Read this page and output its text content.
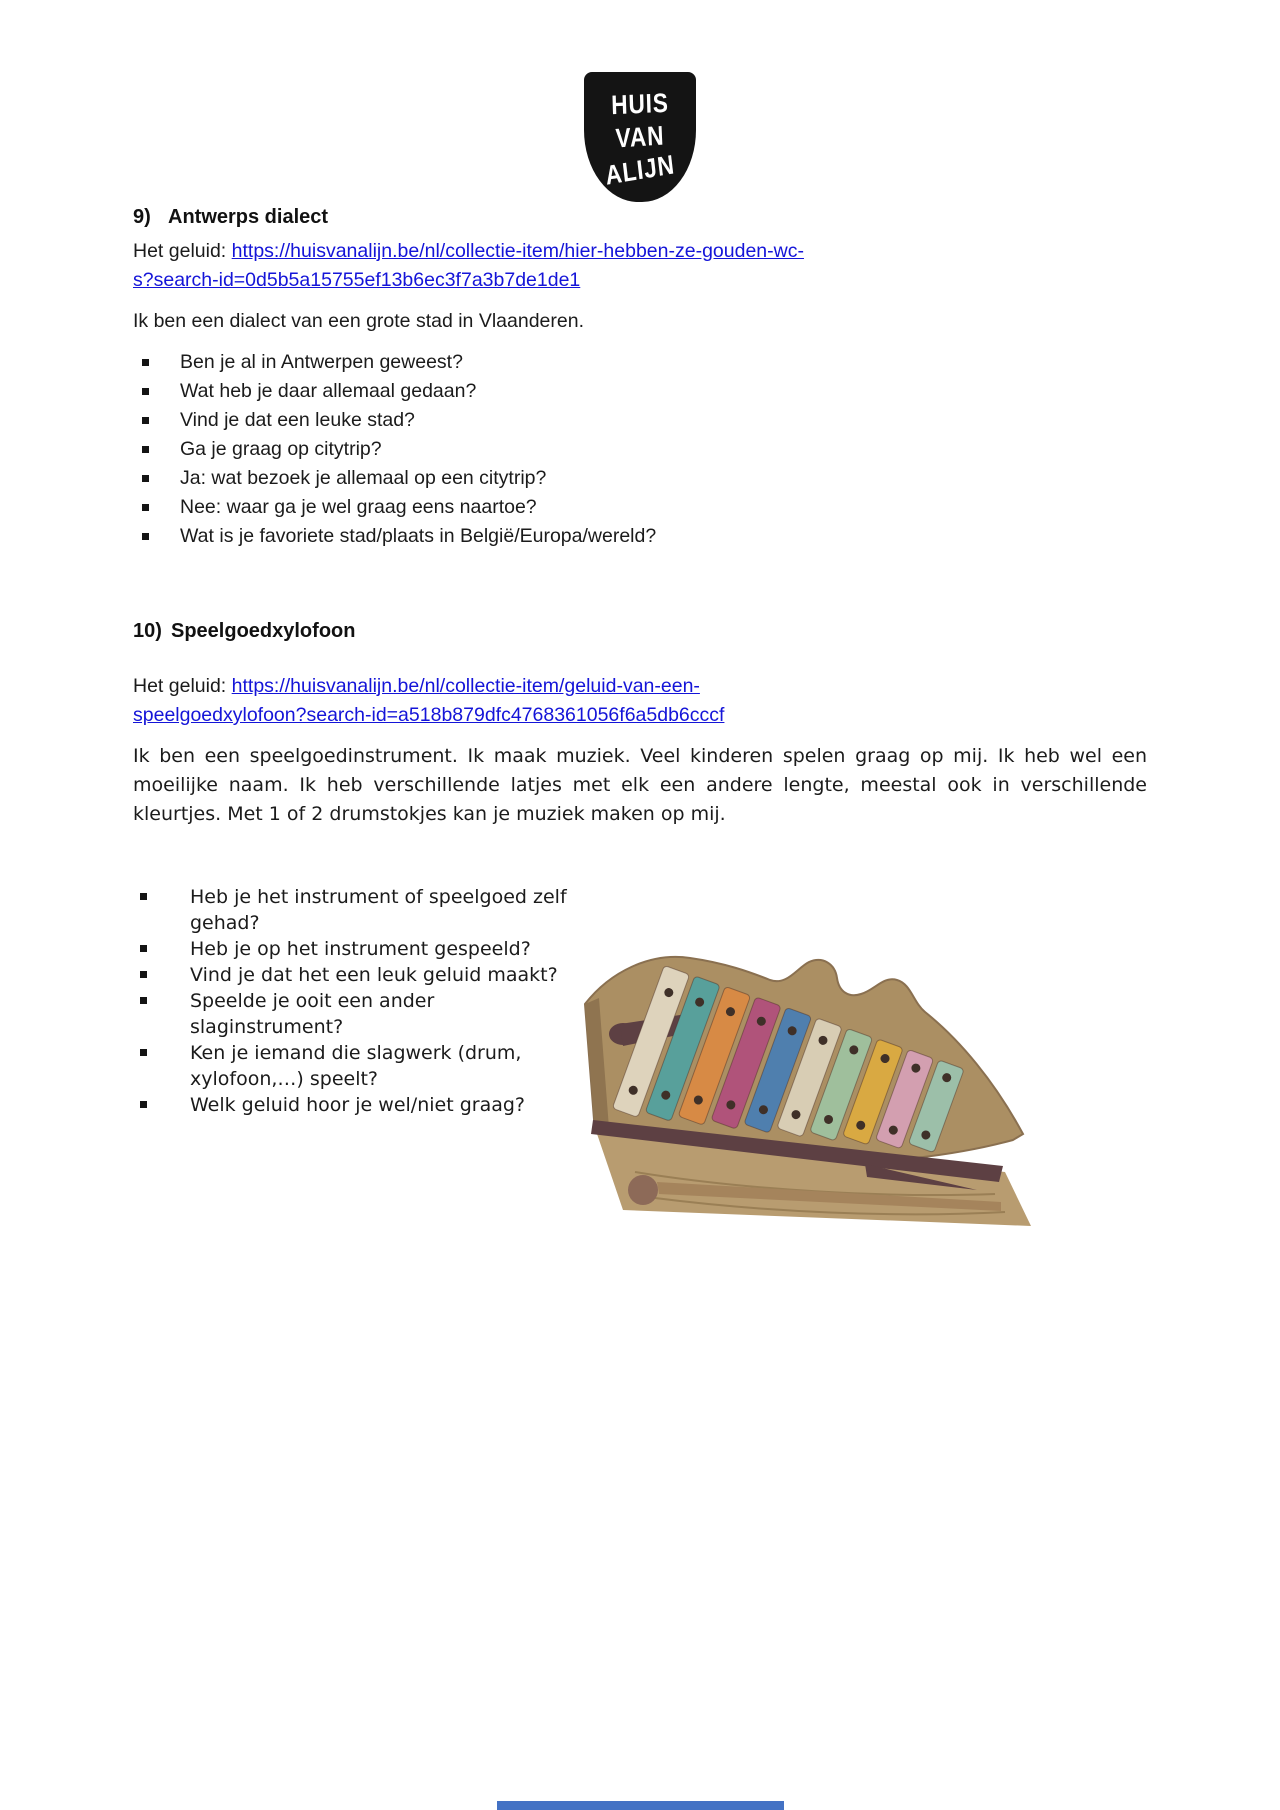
HUIS
VAN
ALIJN
9) Antwerps dialect

Het geluid: https://huisvanalijn.be/nl/collectie-item/hier-hebben-ze-gouden-wc-
s?search-id=0d5b5a15755ef13b6ec3f7a3b7de1de1

Ik ben een dialect van een grote stad in Vlaanderen.

Ben je al in Antwerpen geweest?
Wat heb je daar allemaal gedaan?
Vind je dat een leuke stad?
Ga je graag op citytrip?
Ja: wat bezoek je allemaal op een citytrip?
Nee: waar ga je wel graag eens naartoe?
Wat is je favoriete stad/plaats in België/Europa/wereld?
10) Speelgoedxylofoon

Het geluid: https://huisvanalijn.be/nl/collectie-item/geluid-van-een-
speelgoedxylofoon?search-id=a518b879dfc4768361056f6a5db6cccf

Ik ben een speelgoedinstrument. Ik maak muziek. Veel kinderen spelen graag op mij. Ik heb wel een moeilijke naam. Ik heb verschillende latjes met elk een andere lengte, meestal ook in verschillende kleurtjes. Met 1 of 2 drumstokjes kan je muziek maken op mij.

Heb je het instrument of speelgoed zelf gehad?
Heb je op het instrument gespeeld?
Vind je dat het een leuk geluid maakt?
Speelde je ooit een ander slaginstrument?
Ken je iemand die slagwerk (drum, xylofoon,…) speelt?
Welk geluid hoor je wel/niet graag?
